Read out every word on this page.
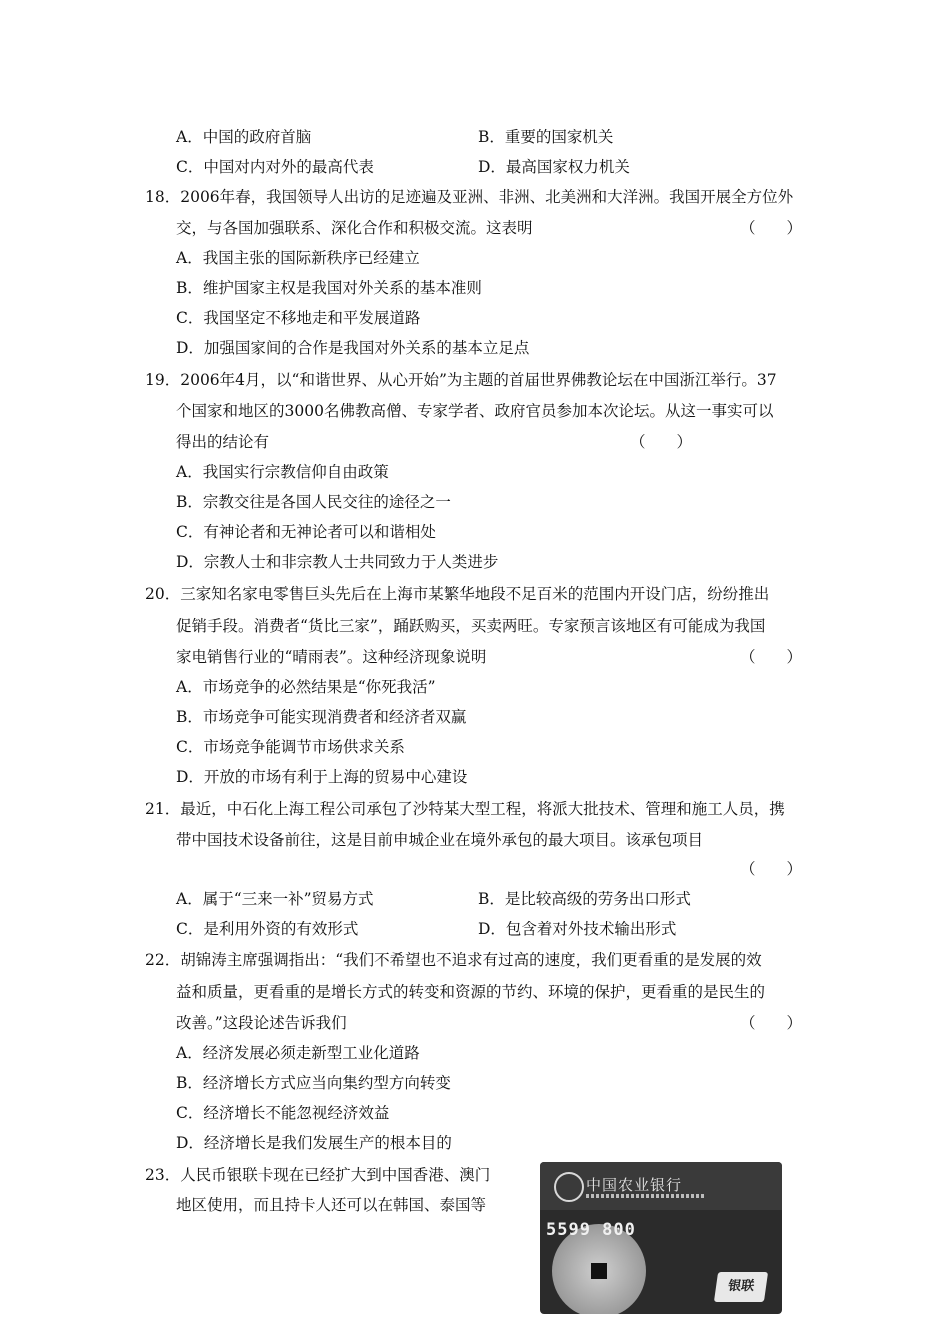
A．中国的政府首脑	B．重要的国家机关
C．中国对内对外的最高代表	D．最高国家权力机关
18．2006年春，我国领导人出访的足迹遍及亚洲、非洲、北美洲和大洋洲。我国开展全方位外
交，与各国加强联系、深化合作和积极交流。这表明	（　　）
A．我国主张的国际新秩序已经建立
B．维护国家主权是我国对外关系的基本准则
C．我国坚定不移地走和平发展道路
D．加强国家间的合作是我国对外关系的基本立足点
19．2006年4月，以“和谐世界、从心开始”为主题的首届世界佛教论坛在中国浙江举行。37
个国家和地区的3000名佛教高僧、专家学者、政府官员参加本次论坛。从这一事实可以
得出的结论有	（　　）
A．我国实行宗教信仰自由政策
B．宗教交往是各国人民交往的途径之一
C．有神论者和无神论者可以和谐相处
D．宗教人士和非宗教人士共同致力于人类进步
20．三家知名家电零售巨头先后在上海市某繁华地段不足百米的范围内开设门店，纷纷推出
促销手段。消费者“货比三家”，踊跃购买，买卖两旺。专家预言该地区有可能成为我国
家电销售行业的“晴雨表”。这种经济现象说明	（　　）
A．市场竞争的必然结果是“你死我活”
B．市场竞争可能实现消费者和经济者双赢
C．市场竞争能调节市场供求关系
D．开放的市场有利于上海的贸易中心建设
21．最近，中石化上海工程公司承包了沙特某大型工程，将派大批技术、管理和施工人员，携
带中国技术设备前往，这是目前申城企业在境外承包的最大项目。该承包项目
（　　）
A．属于“三来一补”贸易方式	B．是比较高级的劳务出口形式
C．是利用外资的有效形式	D．包含着对外技术输出形式
22．胡锦涛主席强调指出：“我们不希望也不追求有过高的速度，我们更看重的是发展的效
益和质量，更看重的是增长方式的转变和资源的节约、环境的保护，更看重的是民生的
改善。”这段论述告诉我们	（　　）
A．经济发展必须走新型工业化道路
B．经济增长方式应当向集约型方向转变
C．经济增长不能忽视经济效益
D．经济增长是我们发展生产的根本目的
23．人民币银联卡现在已经扩大到中国香港、澳门
地区使用，而且持卡人还可以在韩国、泰国等
中国农业银行
5599 800
银联
